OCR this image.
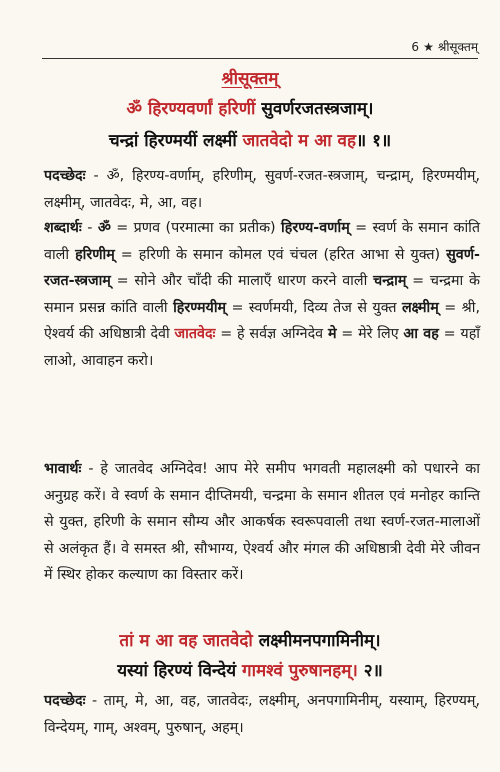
6 ★ श्रीसूक्तम्
श्रीसूक्तम्
ॐ हिरण्यवर्णां हरिणीं सुवर्णरजतस्त्रजाम्।
चन्द्रां हिरण्मयीं लक्ष्मीं जातवेदो म आ वह॥ १॥
पदच्छेदः - ॐ, हिरण्य-वर्णाम्, हरिणीम्, सुवर्ण-रजत-स्त्रजाम्, चन्द्राम्, हिरण्मयीम्, लक्ष्मीम्, जातवेदः, मे, आ, वह।
शब्दार्थः - ॐ = प्रणव (परमात्मा का प्रतीक) हिरण्य-वर्णाम् = स्वर्ण के समान कांति वाली हरिणीम् = हरिणी के समान कोमल एवं चंचल (हरित आभा से युक्त) सुवर्ण-रजत-स्त्रजाम् = सोने और चाँदी की मालाएँ धारण करने वाली चन्द्राम् = चन्द्रमा के समान प्रसन्न कांति वाली हिरण्मयीम् = स्वर्णमयी, दिव्य तेज से युक्त लक्ष्मीम् = श्री, ऐश्वर्य की अधिष्ठात्री देवी जातवेदः = हे सर्वज्ञ अग्निदेव मे = मेरे लिए आ वह = यहाँ लाओ, आवाहन करो।
भावार्थः - हे जातवेद अग्निदेव! आप मेरे समीप भगवती महालक्ष्मी को पधारने का अनुग्रह करें। वे स्वर्ण के समान दीप्तिमयी, चन्द्रमा के समान शीतल एवं मनोहर कान्ति से युक्त, हरिणी के समान सौम्य और आकर्षक स्वरूपवाली तथा स्वर्ण-रजत-मालाओं से अलंकृत हैं। वे समस्त श्री, सौभाग्य, ऐश्वर्य और मंगल की अधिष्ठात्री देवी मेरे जीवन में स्थिर होकर कल्याण का विस्तार करें।
तां म आ वह जातवेदो लक्ष्मीमनपगामिनीम्।
यस्यां हिरण्यं विन्देयं गामश्वं पुरुषानहम्। २॥
पदच्छेदः - ताम्, मे, आ, वह, जातवेदः, लक्ष्मीम्, अनपगामिनीम्, यस्याम्, हिरण्यम्, विन्देयम्, गाम्, अश्वम्, पुरुषान्, अहम्।
